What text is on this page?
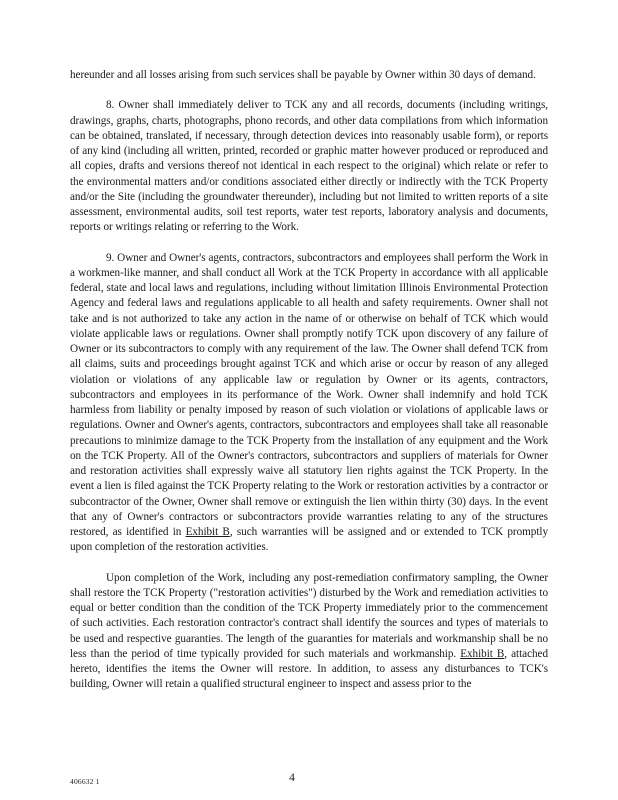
hereunder and all losses arising from such services shall be payable by Owner within 30 days of demand.

8. Owner shall immediately deliver to TCK any and all records, documents (including writings, drawings, graphs, charts, photographs, phono records, and other data compilations from which information can be obtained, translated, if necessary, through detection devices into reasonably usable form), or reports of any kind (including all written, printed, recorded or graphic matter however produced or reproduced and all copies, drafts and versions thereof not identical in each respect to the original) which relate or refer to the environmental matters and/or conditions associated either directly or indirectly with the TCK Property and/or the Site (including the groundwater thereunder), including but not limited to written reports of a site assessment, environmental audits, soil test reports, water test reports, laboratory analysis and documents, reports or writings relating or referring to the Work.

9. Owner and Owner's agents, contractors, subcontractors and employees shall perform the Work in a workmen-like manner, and shall conduct all Work at the TCK Property in accordance with all applicable federal, state and local laws and regulations, including without limitation Illinois Environmental Protection Agency and federal laws and regulations applicable to all health and safety requirements. Owner shall not take and is not authorized to take any action in the name of or otherwise on behalf of TCK which would violate applicable laws or regulations. Owner shall promptly notify TCK upon discovery of any failure of Owner or its subcontractors to comply with any requirement of the law. The Owner shall defend TCK from all claims, suits and proceedings brought against TCK and which arise or occur by reason of any alleged violation or violations of any applicable law or regulation by Owner or its agents, contractors, subcontractors and employees in its performance of the Work. Owner shall indemnify and hold TCK harmless from liability or penalty imposed by reason of such violation or violations of applicable laws or regulations. Owner and Owner's agents, contractors, subcontractors and employees shall take all reasonable precautions to minimize damage to the TCK Property from the installation of any equipment and the Work on the TCK Property. All of the Owner's contractors, subcontractors and suppliers of materials for Owner and restoration activities shall expressly waive all statutory lien rights against the TCK Property. In the event a lien is filed against the TCK Property relating to the Work or restoration activities by a contractor or subcontractor of the Owner, Owner shall remove or extinguish the lien within thirty (30) days. In the event that any of Owner's contractors or subcontractors provide warranties relating to any of the structures restored, as identified in Exhibit B, such warranties will be assigned and or extended to TCK promptly upon completion of the restoration activities.

Upon completion of the Work, including any post-remediation confirmatory sampling, the Owner shall restore the TCK Property ("restoration activities") disturbed by the Work and remediation activities to equal or better condition than the condition of the TCK Property immediately prior to the commencement of such activities. Each restoration contractor's contract shall identify the sources and types of materials to be used and respective guaranties. The length of the guaranties for materials and workmanship shall be no less than the period of time typically provided for such materials and workmanship. Exhibit B, attached hereto, identifies the items the Owner will restore. In addition, to assess any disturbances to TCK's building, Owner will retain a qualified structural engineer to inspect and assess prior to the

406632 1	4
